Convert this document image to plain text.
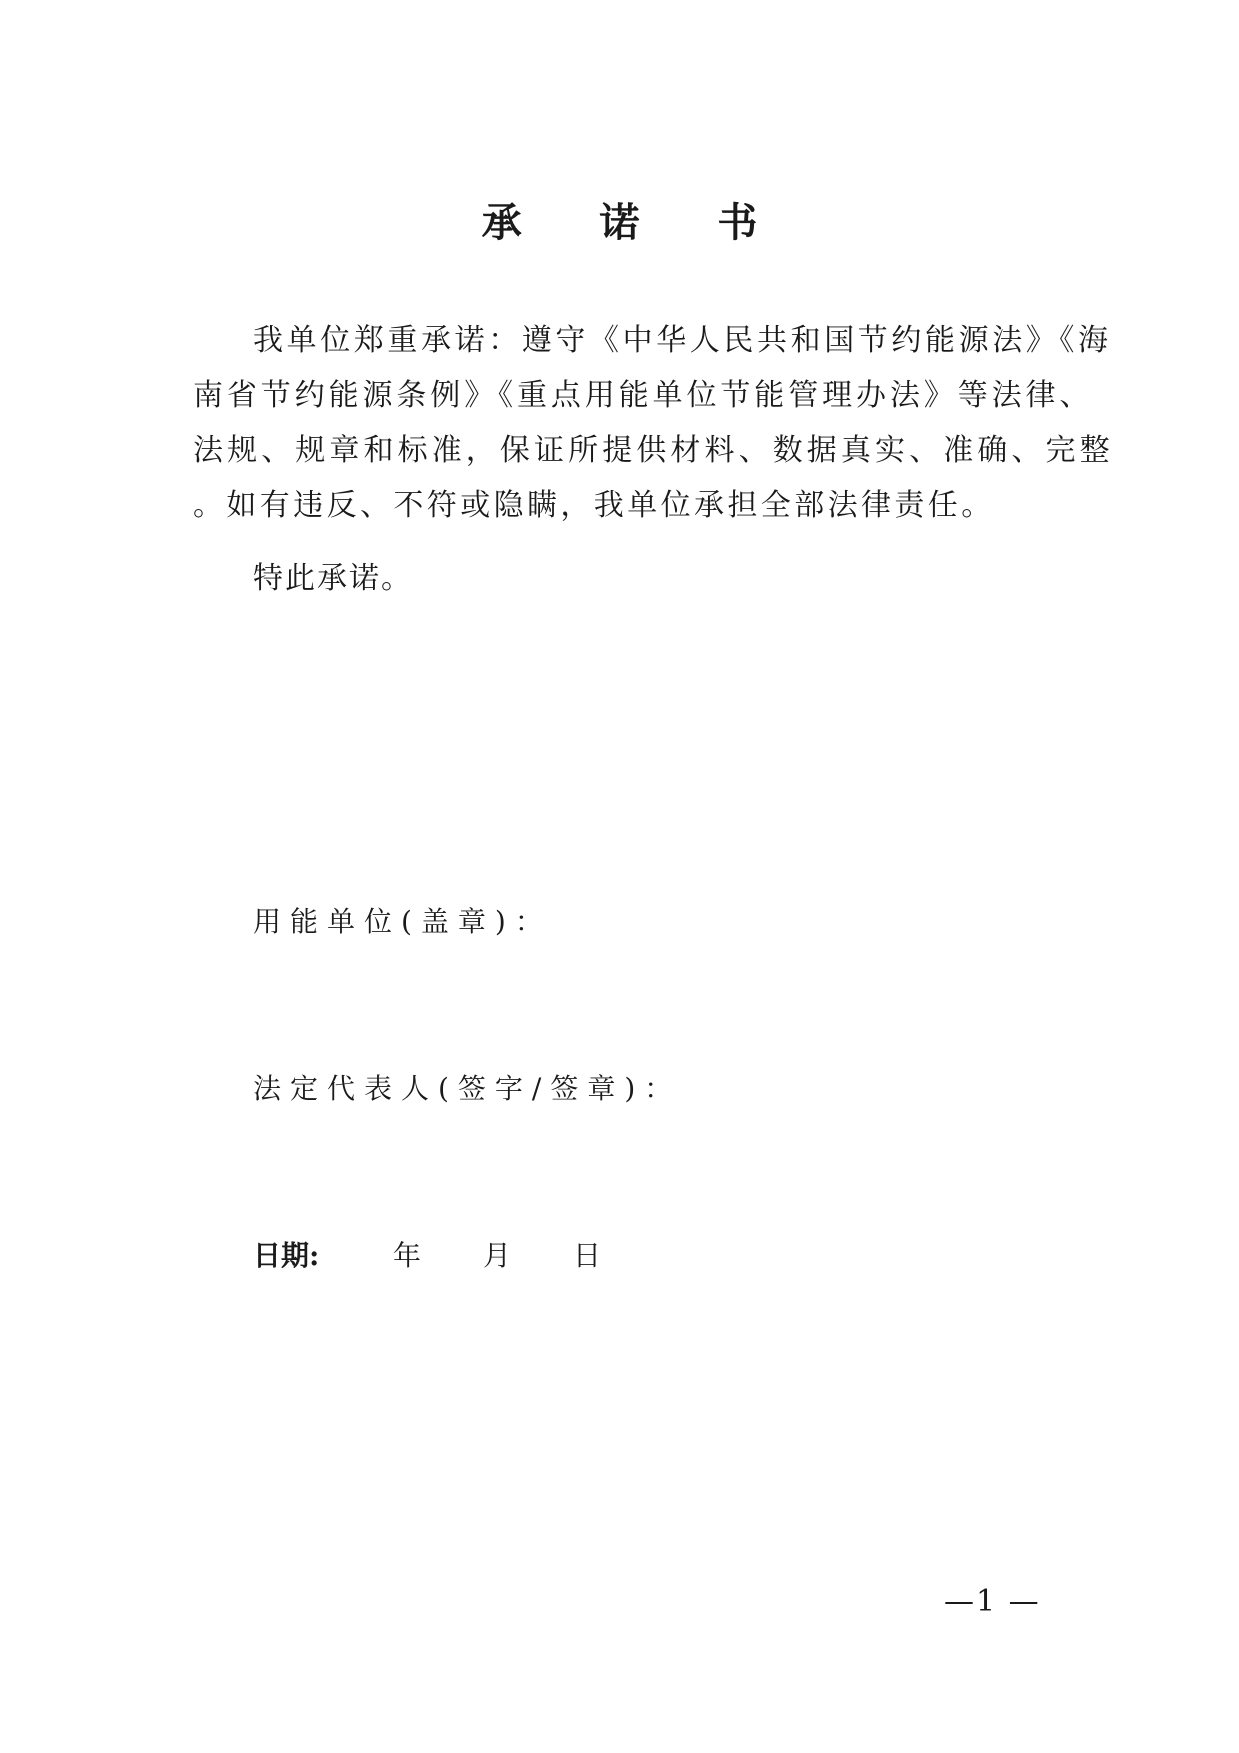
承 诺 书
我单位郑重承诺：遵守《中华人民共和国节约能源法》《海
南省节约能源条例》《重点用能单位节能管理办法》等法律、
法规、规章和标准，保证所提供材料、数据真实、准确、完整
。如有违反、不符或隐瞒，我单位承担全部法律责任。
特此承诺。
用能单位(盖章)：
法定代表人(签字/签章)：
日期:	年 月 日
—1 —
